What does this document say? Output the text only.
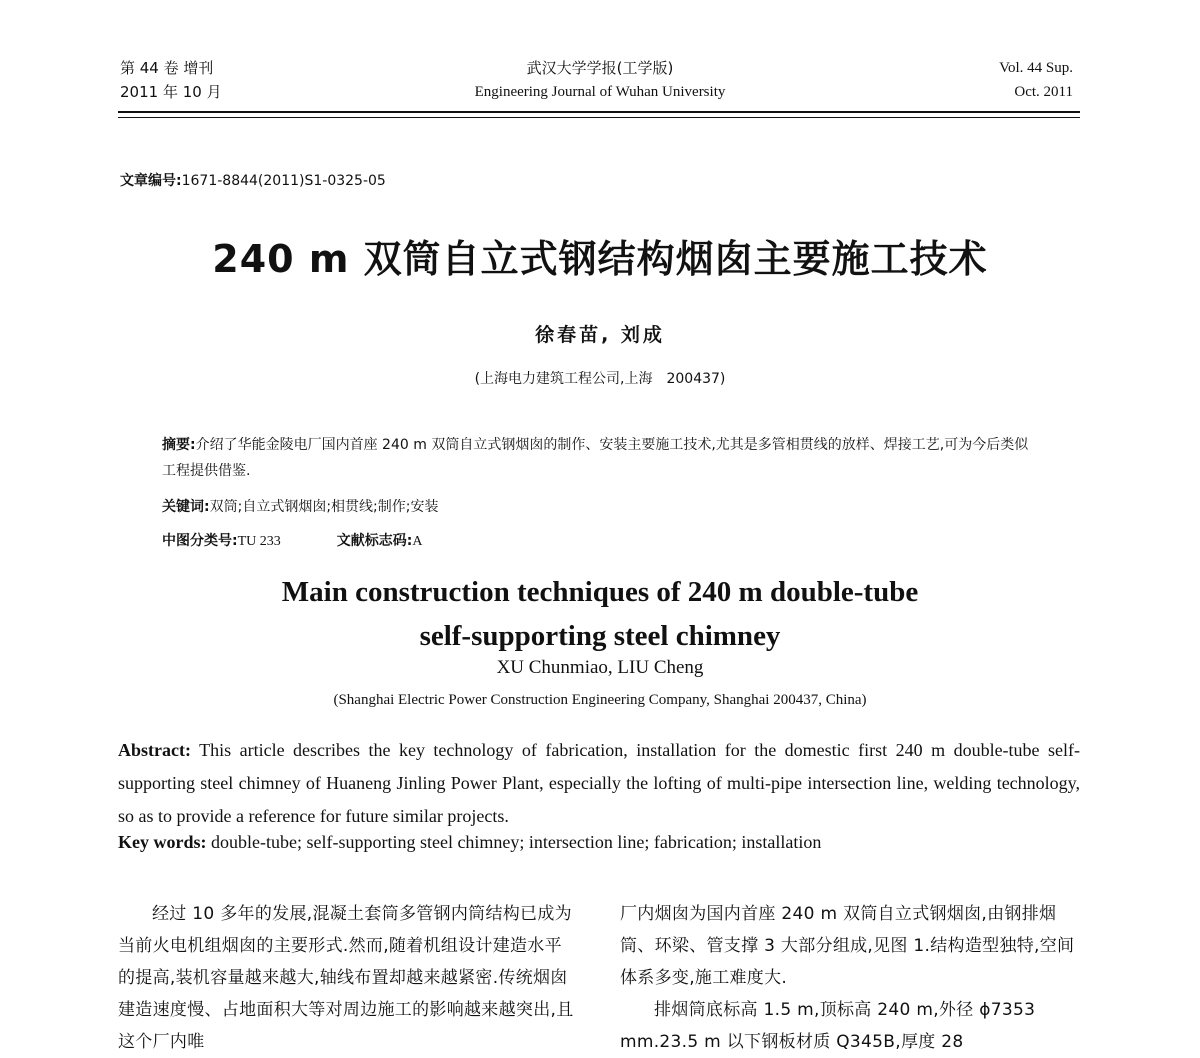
第 44 卷 增刊
2011 年 10 月
武汉大学学报(工学版)
Engineering Journal of Wuhan University
Vol. 44 Sup.
Oct. 2011
文章编号:1671-8844(2011)S1-0325-05
240 m 双筒自立式钢结构烟囱主要施工技术
徐春苗, 刘成
(上海电力建筑工程公司,上海　200437)
摘要:介绍了华能金陵电厂国内首座 240 m 双筒自立式钢烟囱的制作、安装主要施工技术,尤其是多管相贯线的放样、焊接工艺,可为今后类似工程提供借鉴.
关键词:双筒;自立式钢烟囱;相贯线;制作;安装
中图分类号:TU 233	文献标志码:A
Main construction techniques of 240 m double-tube
self-supporting steel chimney
XU Chunmiao, LIU Cheng
(Shanghai Electric Power Construction Engineering Company, Shanghai 200437, China)
Abstract: This article describes the key technology of fabrication, installation for the domestic first 240 m double-tube self-supporting steel chimney of Huaneng Jinling Power Plant, especially the lofting of multi-pipe intersection line, welding technology, so as to provide a reference for future similar projects.
Key words: double-tube; self-supporting steel chimney; intersection line; fabrication; installation

经过 10 多年的发展,混凝土套筒多管钢内筒结构已成为当前火电机组烟囱的主要形式.然而,随着机组设计建造水平的提高,装机容量越来越大,轴线布置却越来越紧密.传统烟囱建造速度慢、占地面积大等对周边施工的影响越来越突出,且这个厂内唯

厂内烟囱为国内首座 240 m 双筒自立式钢烟囱,由钢排烟筒、环梁、管支撑 3 大部分组成,见图 1.结构造型独特,空间体系多变,施工难度大.

排烟筒底标高 1.5 m,顶标高 240 m,外径 ϕ7353 mm.23.5 m 以下钢板材质 Q345B,厚度 28
